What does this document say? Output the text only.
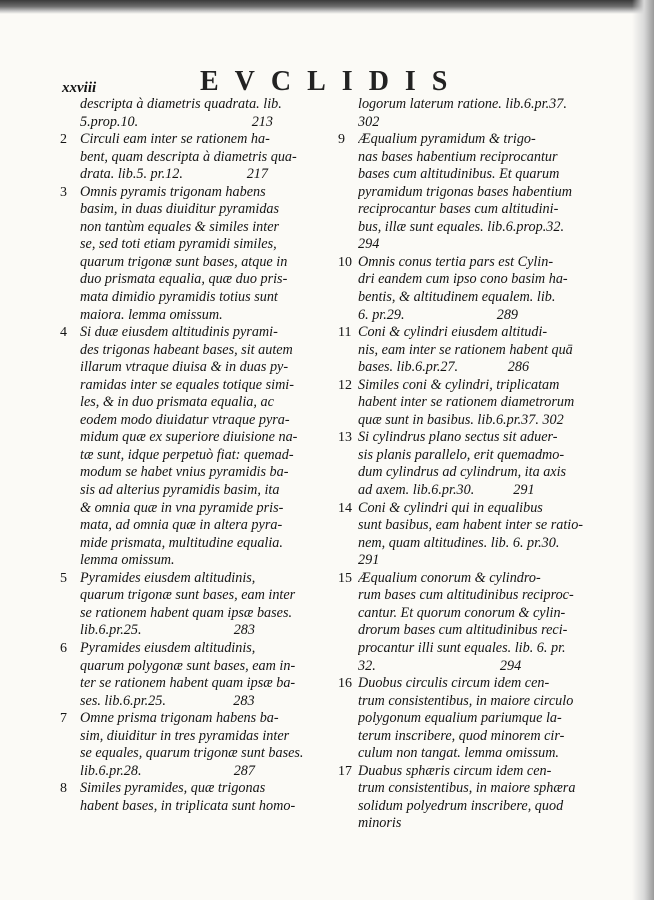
xxviii	EVCLIDIS
descripta à diametris quadrata. lib.
5.prop.10.                                213
2 Circuli eam inter se rationem ha-
bent, quam descripta à diametris qua-
drata. lib.5. pr.12.                  217
3 Omnis pyramis trigonam habens
basim, in duas diuiditur pyramidas
non tantùm equales & similes inter
se, sed toti etiam pyramidi similes,
quarum trigonæ sunt bases, atque in
duo prismata equalia, quæ duo pris-
mata dimidio pyramidis totius sunt
maiora. lemma omissum.
4 Si duæ eiusdem altitudinis pyrami-
des trigonas habeant bases, sit autem
illarum vtraque diuisa & in duas py-
ramidas inter se equales totique simi-
les, & in duo prismata equalia, ac
eodem modo diuidatur vtraque pyra-
midum quæ ex superiore diuisione na-
tæ sunt, idque perpetuò fiat: quemad-
modum se habet vnius pyramidis ba-
sis ad alterius pyramidis basim, ita
& omnia quæ in vna pyramide pris-
mata, ad omnia quæ in altera pyra-
mide prismata, multitudine equalia.
lemma omissum.
5 Pyramides eiusdem altitudinis,
quarum trigonæ sunt bases, eam inter
se rationem habent quam ipsæ bases.
lib.6.pr.25.                          283
6 Pyramides eiusdem altitudinis,
quarum polygonæ sunt bases, eam in-
ter se rationem habent quam ipsæ ba-
ses. lib.6.pr.25.                   283
7 Omne prisma trigonam habens ba-
sim, diuiditur in tres pyramidas inter
se equales, quarum trigonæ sunt bases.
lib.6.pr.28.                          287
8 Similes pyramides, quæ trigonas
habent bases, in triplicata sunt homo-
logorum laterum ratione. lib.6.pr.37.
302
9 Æqualium pyramidum & trigo-
nas bases habentium reciprocantur
bases cum altitudinibus. Et quarum
pyramidum trigonas bases habentium
reciprocantur bases cum altitudini-
bus, illæ sunt equales. lib.6.prop.32.
294
10 Omnis conus tertia pars est Cylin-
dri eandem cum ipso cono basim ha-
bentis, & altitudinem equalem. lib.
6. pr.29.                          289
11 Coni & cylindri eiusdem altitudi-
nis, eam inter se rationem habent quā
bases. lib.6.pr.27.              286
12 Similes coni & cylindri, triplicatam
habent inter se rationem diametrorum
quæ sunt in basibus. lib.6.pr.37. 302
13 Si cylindrus plano sectus sit aduer-
sis planis parallelo, erit quemadmo-
dum cylindrus ad cylindrum, ita axis
ad axem. lib.6.pr.30.           291
14 Coni & cylindri qui in equalibus
sunt basibus, eam habent inter se ratio-
nem, quam altitudines. lib. 6. pr.30.
291
15 Æqualium conorum & cylindro-
rum bases cum altitudinibus reciproc-
cantur. Et quorum conorum & cylin-
drorum bases cum altitudinibus reci-
procantur illi sunt equales. lib. 6. pr.
32.                                   294
16 Duobus circulis circum idem cen-
trum consistentibus, in maiore circulo
polygonum equalium pariumque la-
terum inscribere, quod minorem cir-
culum non tangat. lemma omissum.
17 Duabus sphæris circum idem cen-
trum consistentibus, in maiore sphæra
solidum polyedrum inscribere, quod
minoris
